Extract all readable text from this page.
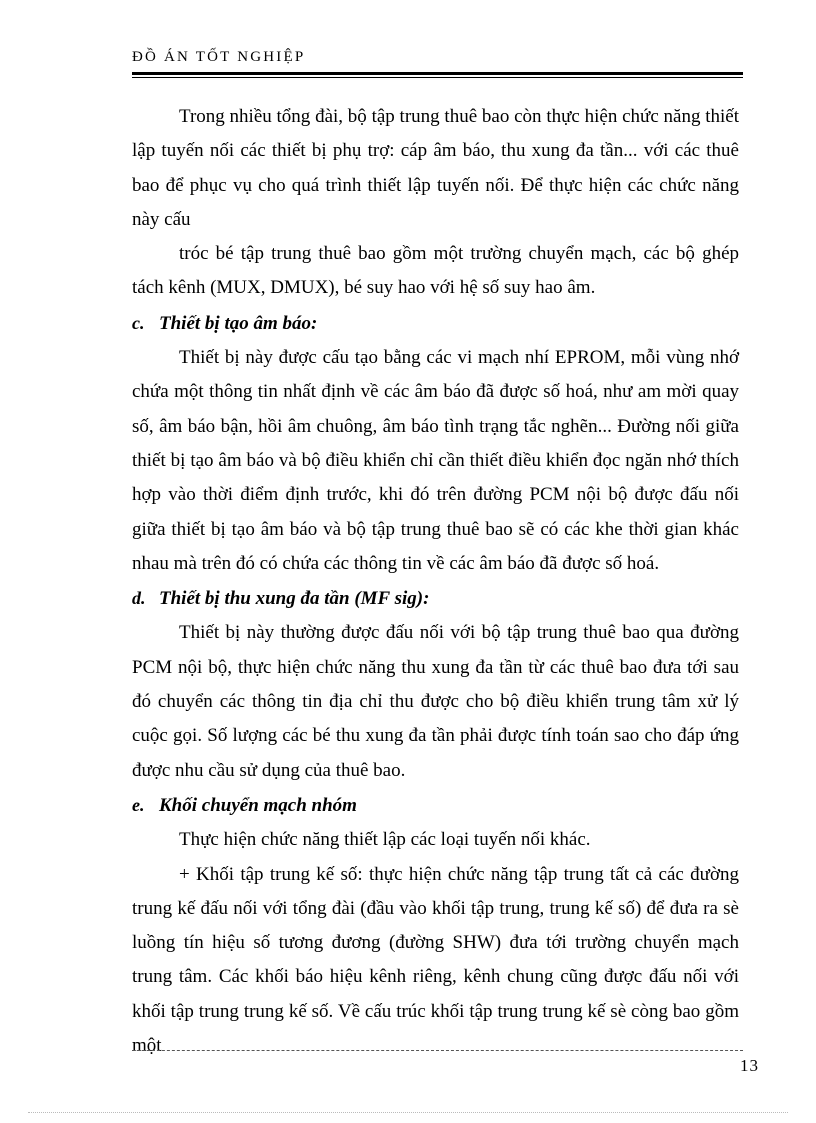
ĐỒ ÁN TỐT NGHIỆP

Trong nhiều tổng đài, bộ tập trung thuê bao còn thực hiện chức năng thiết lập tuyến nối các thiết bị phụ trợ: cáp âm báo, thu xung đa tần... với các thuê bao để phục vụ cho quá trình thiết lập tuyến nối. Để thực hiện các chức năng này cấu

tróc bé tập trung thuê bao gồm một trường chuyển mạch, các bộ ghép tách kênh (MUX, DMUX), bé suy hao với hệ số suy hao âm.

c. Thiết bị tạo âm báo:

Thiết bị này được cấu tạo bằng các vi mạch nhí EPROM, mỗi vùng nhớ chứa một thông tin nhất định về các âm báo đã được số hoá, như am mời quay số, âm báo bận, hồi âm chuông, âm báo tình trạng tắc nghẽn... Đường nối giữa thiết bị tạo âm báo và bộ điều khiển chỉ cần thiết điều khiển đọc ngăn nhớ thích hợp vào thời điểm định trước, khi đó trên đường PCM nội bộ được đấu nối giữa thiết bị tạo âm báo và bộ tập trung thuê bao sẽ có các khe thời gian khác nhau mà trên đó có chứa các thông tin về các âm báo đã được số hoá.

d. Thiết bị thu xung đa tần (MF sig):

Thiết bị này thường được đấu nối với bộ tập trung thuê bao qua đường PCM nội bộ, thực hiện chức năng thu xung đa tần từ các thuê bao đưa tới sau đó chuyển các thông tin địa chỉ thu được cho bộ điều khiển trung tâm xử lý cuộc gọi. Số lượng các bé thu xung đa tần phải được tính toán sao cho đáp ứng được nhu cầu sử dụng của thuê bao.

e. Khối chuyển mạch nhóm

Thực hiện chức năng thiết lập các loại tuyến nối khác.

+ Khối tập trung kế số: thực hiện chức năng tập trung tất cả các đường trung kế đấu nối với tổng đài (đầu vào khối tập trung, trung kế số) để đưa ra sè luồng tín hiệu số tương đương (đường SHW) đưa tới trường chuyển mạch trung tâm. Các khối báo hiệu kênh riêng, kênh chung cũng được đấu nối với khối tập trung trung kế số. Về cấu trúc khối tập trung trung kế sè còng bao gồm một

13
